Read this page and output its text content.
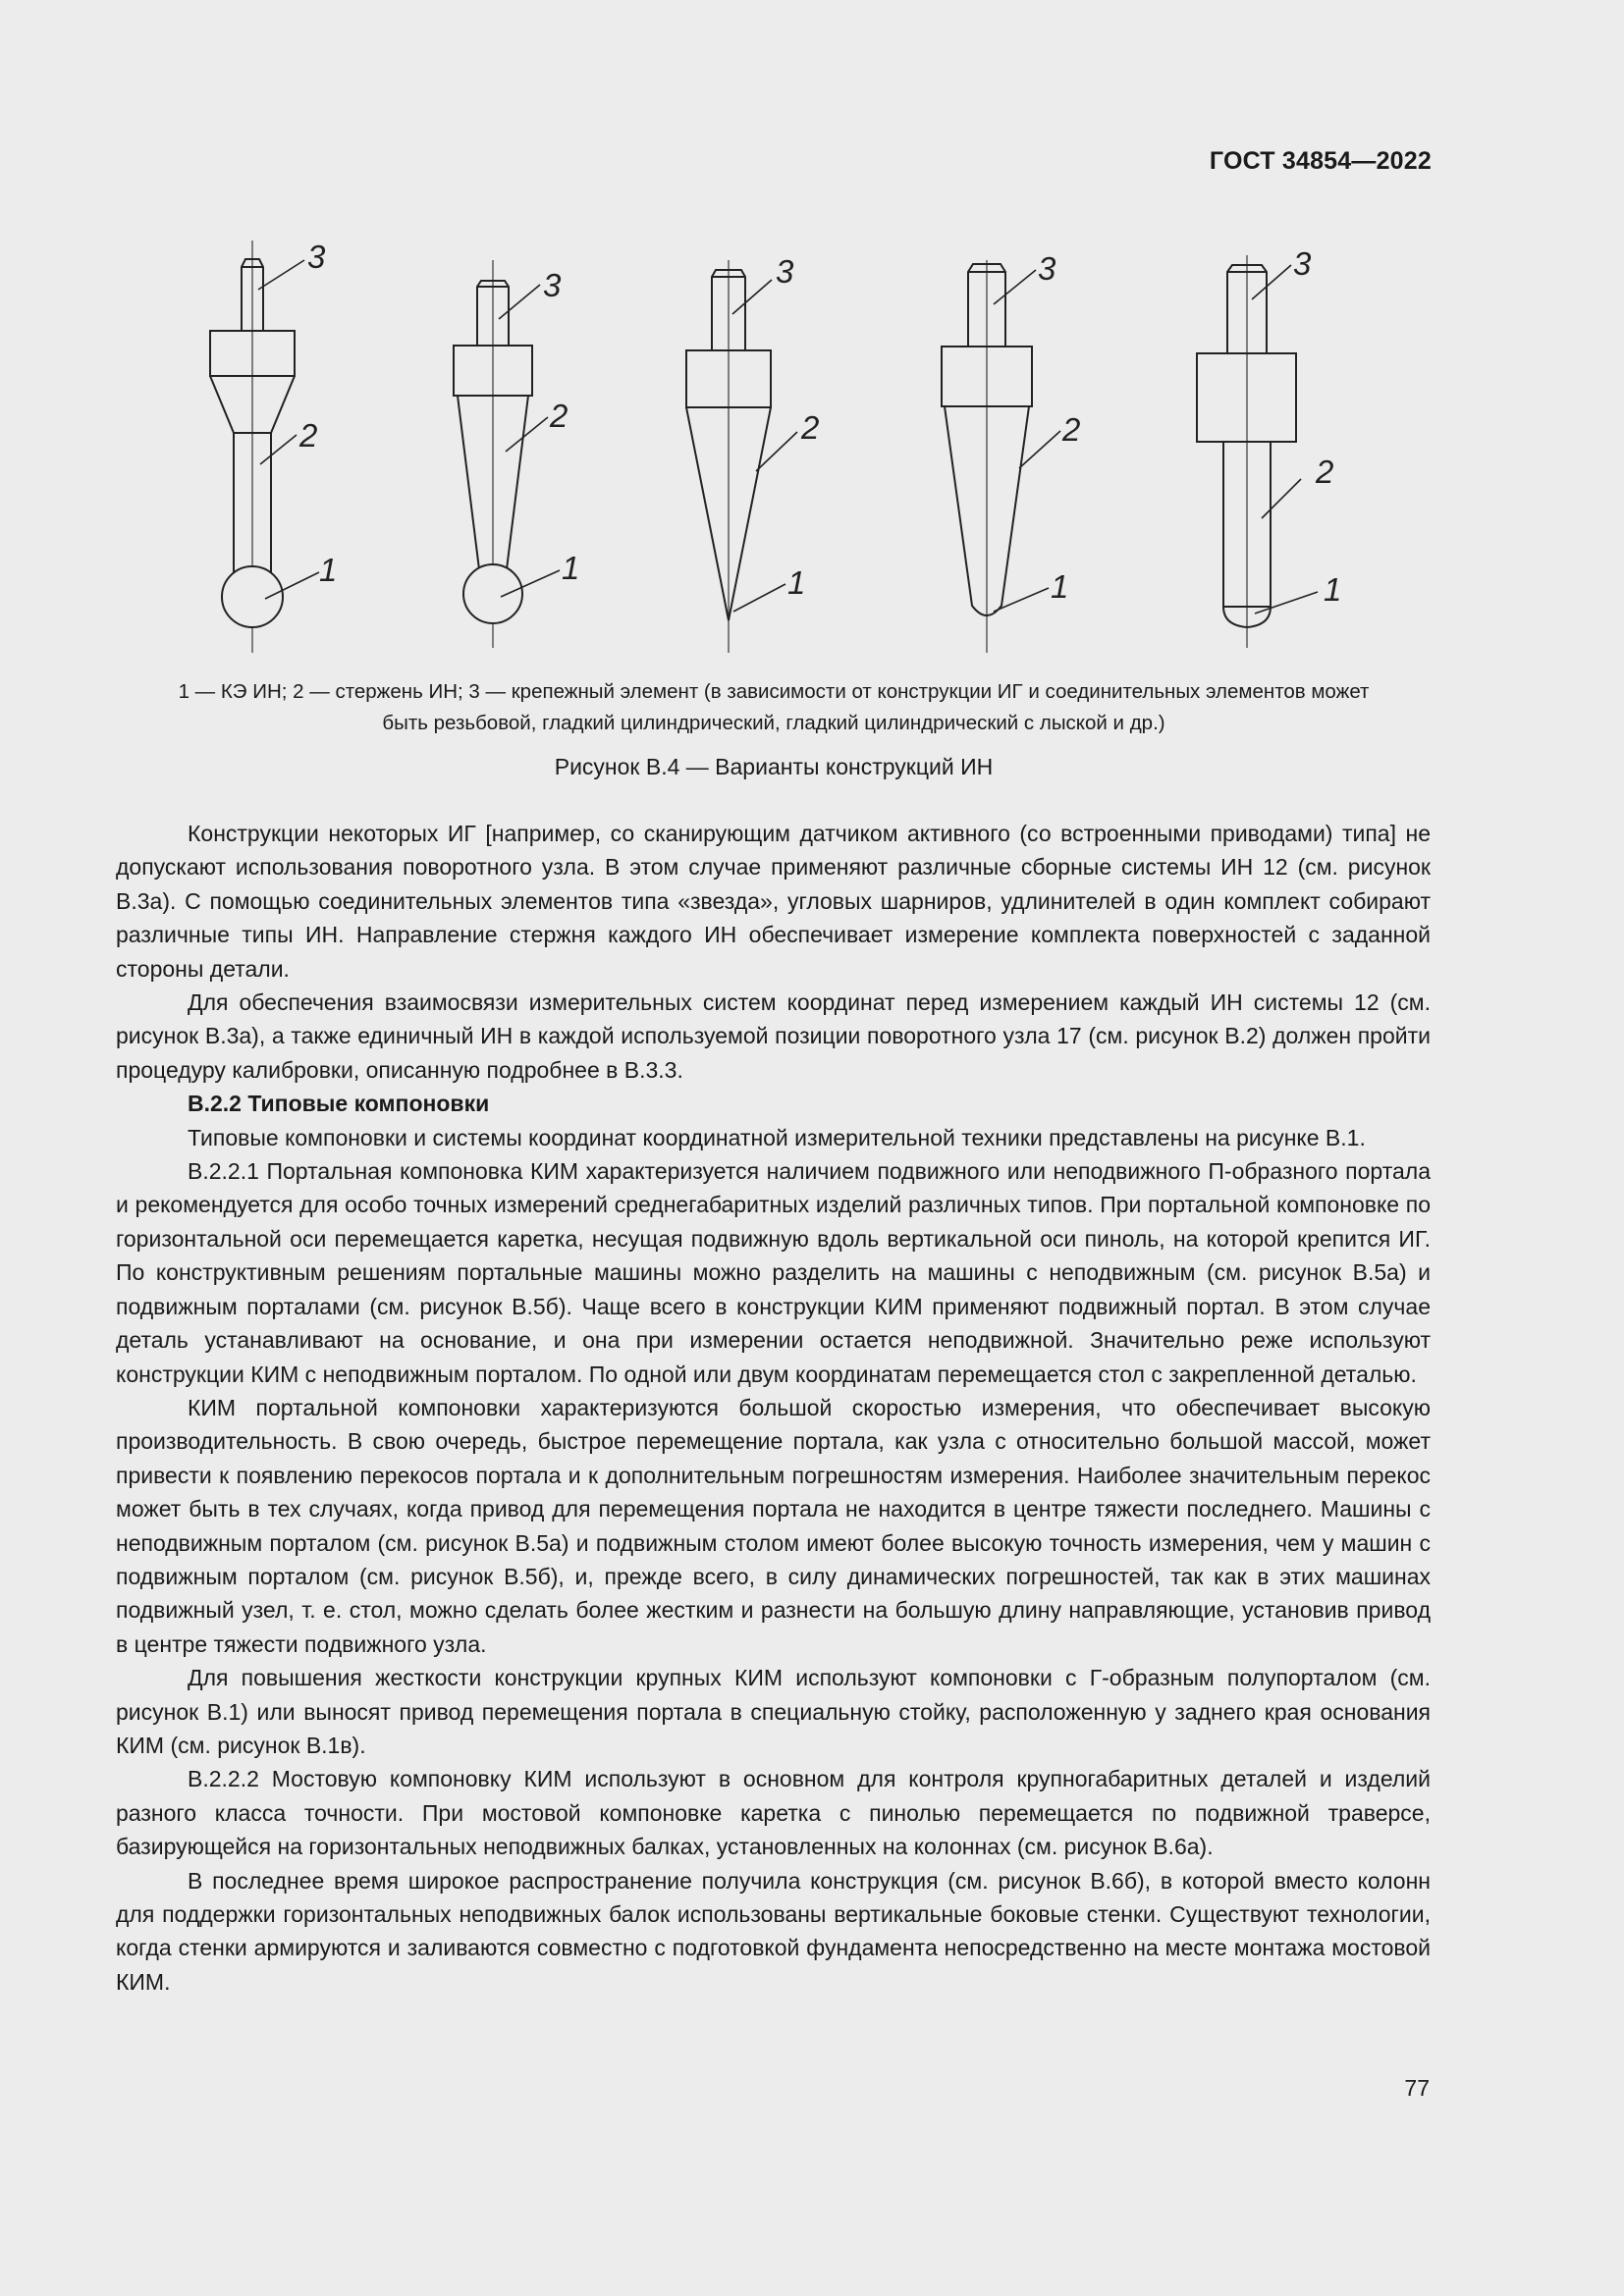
ГОСТ 34854—2022
3
2
1
3
2
1
3
2
1
3
2
1
3
2
1
1 — КЭ ИН; 2 — стержень ИН; 3 — крепежный элемент (в зависимости от конструкции ИГ и соединительных элементов может
быть резьбовой, гладкий цилиндрический, гладкий цилиндрический с лыской и др.)
Рисунок В.4 — Варианты конструкций ИН

Конструкции некоторых ИГ [например, со сканирующим датчиком активного (со встроенными приводами) типа] не допускают использования поворотного узла. В этом случае применяют различные сборные системы ИН 12 (см. рисунок В.3а). С помощью соединительных элементов типа «звезда», угловых шарниров, удлинителей в один комплект собирают различные типы ИН. Направление стержня каждого ИН обеспечивает измерение комплекта поверхностей с заданной стороны детали.

Для обеспечения взаимосвязи измерительных систем координат перед измерением каждый ИН системы 12 (см. рисунок В.3а), а также единичный ИН в каждой используемой позиции поворотного узла 17 (см. рисунок В.2) должен пройти процедуру калибровки, описанную подробнее в В.3.3.

В.2.2 Типовые компоновки

Типовые компоновки и системы координат координатной измерительной техники представлены на рисунке В.1.

В.2.2.1 Портальная компоновка КИМ характеризуется наличием подвижного или неподвижного П-образного портала и рекомендуется для особо точных измерений среднегабаритных изделий различных типов. При портальной компоновке по горизонтальной оси перемещается каретка, несущая подвижную вдоль вертикальной оси пиноль, на которой крепится ИГ. По конструктивным решениям портальные машины можно разделить на машины с неподвижным (см. рисунок В.5а) и подвижным порталами (см. рисунок В.5б). Чаще всего в конструкции КИМ применяют подвижный портал. В этом случае деталь устанавливают на основание, и она при измерении остается неподвижной. Значительно реже используют конструкции КИМ с неподвижным порталом. По одной или двум координатам перемещается стол с закрепленной деталью.

КИМ портальной компоновки характеризуются большой скоростью измерения, что обеспечивает высокую производительность. В свою очередь, быстрое перемещение портала, как узла с относительно большой массой, может привести к появлению перекосов портала и к дополнительным погрешностям измерения. Наиболее значительным перекос может быть в тех случаях, когда привод для перемещения портала не находится в центре тяжести последнего. Машины с неподвижным порталом (см. рисунок В.5а) и подвижным столом имеют более высокую точность измерения, чем у машин с подвижным порталом (см. рисунок В.5б), и, прежде всего, в силу динамических погрешностей, так как в этих машинах подвижный узел, т. е. стол, можно сделать более жестким и разнести на большую длину направляющие, установив привод в центре тяжести подвижного узла.

Для повышения жесткости конструкции крупных КИМ используют компоновки с Г-образным полупорталом (см. рисунок В.1) или выносят привод перемещения портала в специальную стойку, расположенную у заднего края основания КИМ (см. рисунок В.1в).

В.2.2.2 Мостовую компоновку КИМ используют в основном для контроля крупногабаритных деталей и изделий разного класса точности. При мостовой компоновке каретка с пинолью перемещается по подвижной траверсе, базирующейся на горизонтальных неподвижных балках, установленных на колоннах (см. рисунок В.6а).

В последнее время широкое распространение получила конструкция (см. рисунок В.6б), в которой вместо колонн для поддержки горизонтальных неподвижных балок использованы вертикальные боковые стенки. Существуют технологии, когда стенки армируются и заливаются совместно с подготовкой фундамента непосредственно на месте монтажа мостовой КИМ.

77
